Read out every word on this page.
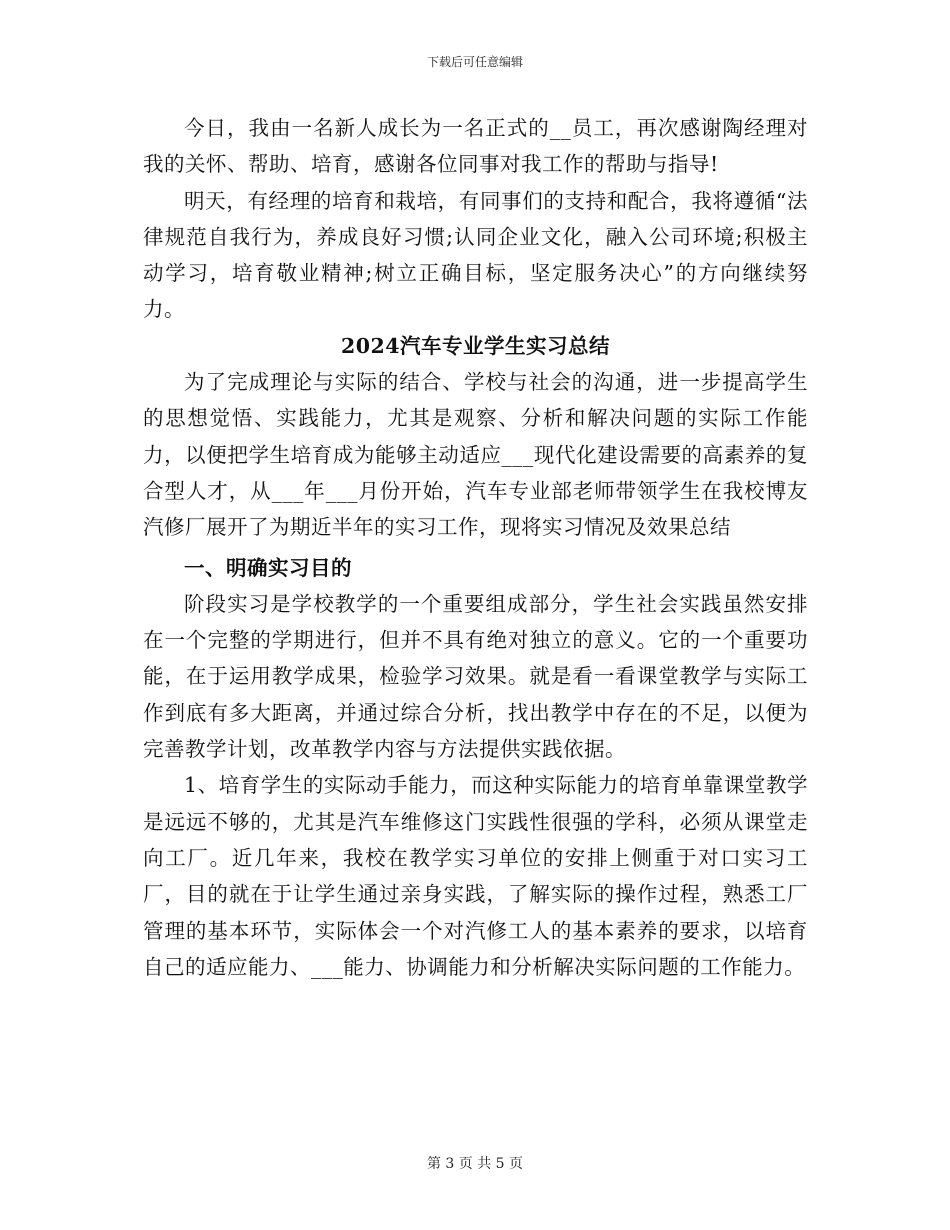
下载后可任意编辑

今日，我由一名新人成长为一名正式的__员工，再次感谢陶经理对我的关怀、帮助、培育，感谢各位同事对我工作的帮助与指导!

明天，有经理的培育和栽培，有同事们的支持和配合，我将遵循“法律规范自我行为，养成良好习惯;认同企业文化，融入公司环境;积极主动学习，培育敬业精神;树立正确目标，坚定服务决心”的方向继续努力。

2024汽车专业学生实习总结

为了完成理论与实际的结合、学校与社会的沟通，进一步提高学生的思想觉悟、实践能力，尤其是观察、分析和解决问题的实际工作能力，以便把学生培育成为能够主动适应___现代化建设需要的高素养的复合型人才，从___年___月份开始，汽车专业部老师带领学生在我校博友汽修厂展开了为期近半年的实习工作，现将实习情况及效果总结

一、明确实习目的

阶段实习是学校教学的一个重要组成部分，学生社会实践虽然安排在一个完整的学期进行，但并不具有绝对独立的意义。它的一个重要功能，在于运用教学成果，检验学习效果。就是看一看课堂教学与实际工作到底有多大距离，并通过综合分析，找出教学中存在的不足，以便为完善教学计划，改革教学内容与方法提供实践依据。

1、培育学生的实际动手能力，而这种实际能力的培育单靠课堂教学是远远不够的，尤其是汽车维修这门实践性很强的学科，必须从课堂走向工厂。近几年来，我校在教学实习单位的安排上侧重于对口实习工厂，目的就在于让学生通过亲身实践，了解实际的操作过程，熟悉工厂管理的基本环节，实际体会一个对汽修工人的基本素养的要求，以培育自己的适应能力、___能力、协调能力和分析解决实际问题的工作能力。

第 3 页 共 5 页
